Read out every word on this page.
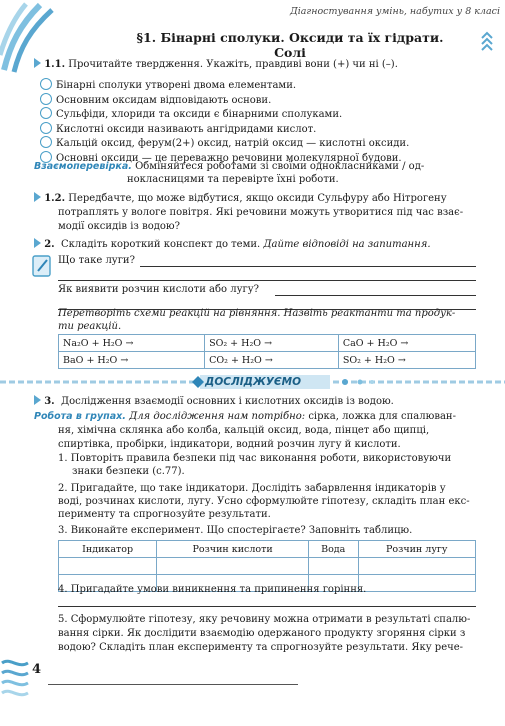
Діагностування умінь, набутих у 8 класі
§1. Бінарні сполуки. Оксиди та їх гідрати. Солі
1.1. Прочитайте твердження. Укажіть, правдиві вони (+) чи ні (–).
Бінарні сполуки утворені двома елементами.
Основним оксидам відповідають основи.
Сульфіди, хлориди та оксиди є бінарними сполуками.
Кислотні оксиди називають ангідридами кислот.
Кальцій оксид, ферум(2+) оксид, натрій оксид — кислотні оксиди.
Основні оксиди — це переважно речовини молекулярної будови.
Взаємоперевірка. Обміняйтеся роботами зі своїми однокласниками / од-
нокласницями та перевірте їхні роботи.
1.2. Передбачте, що може відбутися, якщо оксиди Сульфуру або Нітрогену
потраплять у вологе повітря. Які речовини можуть утворитися під час взає-
модії оксидів із водою?
2. Складіть короткий конспект до теми. Дайте відповіді на запитання.
Що таке луги?
Як виявити розчин кислоти або лугу?
Перетворіть схеми реакцій на рівняння. Назвіть реактанти та продук-
ти реакцій.
Na₂O + H₂O →	SO₂ + H₂O →	CaO + H₂O →
BaO + H₂O →	CO₂ + H₂O →	SO₂ + H₂O →
ДОСЛІДЖУЄМО
3. Дослідження взаємодії основних і кислотних оксидів із водою.
Робота в групах. Для дослідження нам потрібно: сірка, ложка для спалюван-
ня, хімічна склянка або колба, кальцій оксид, вода, пінцет або щипці,
спиртівка, пробірки, індикатори, водний розчин лугу й кислоти.
1. Повторіть правила безпеки під час виконання роботи, використовуючи
знаки безпеки (с.77).
2. Пригадайте, що таке індикатори. Дослідіть забарвлення індикаторів у
воді, розчинах кислоти, лугу. Усно сформулюйте гіпотезу, складіть план екс-
перименту та спрогнозуйте результати.
3. Виконайте експеримент. Що спостерігаєте? Заповніть таблицю.
Індикатор	Розчин кислоти	Вода	Розчин лугу

4. Пригадайте умови виникнення та припинення горіння.
5. Сформулюйте гіпотезу, яку речовину можна отримати в результаті спалю-
вання сірки. Як дослідити взаємодію одержаного продукту згоряння сірки з
водою? Складіть план експерименту та спрогнозуйте результати. Яку рече-
4
